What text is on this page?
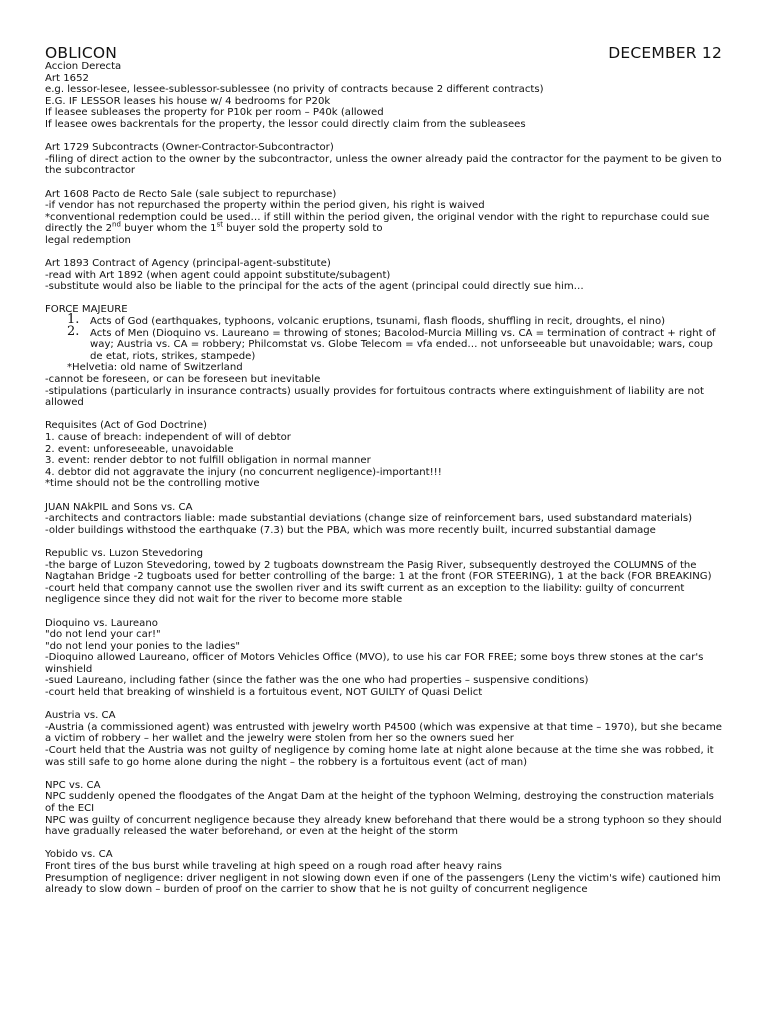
OBLICON	DECEMBER 12
Accion Derecta
Art 1652
e.g. lessor-lesee, lessee-sublessor-sublessee (no privity of contracts because 2 different contracts)
E.G. IF LESSOR leases his house w/ 4 bedrooms for P20k
If leasee subleases the property for P10k per room – P40k (allowed
If leasee owes backrentals for the property, the lessor could directly claim from the subleasees
Art 1729 Subcontracts (Owner-Contractor-Subcontractor)
-filing of direct action to the owner by the subcontractor, unless the owner already paid the contractor for the payment to be given to
the subcontractor
Art 1608 Pacto de Recto Sale (sale subject to repurchase)
-if vendor has not repurchased the property within the period given, his right is waived
*conventional redemption could be used… if still within the period given, the original vendor with the right to repurchase could sue
directly the 2nd buyer whom the 1st buyer sold the property sold to
legal redemption
Art 1893 Contract of Agency (principal-agent-substitute)
-read with Art 1892 (when agent could appoint substitute/subagent)
-substitute would also be liable to the principal for the acts of the agent (principal could directly sue him…
FORCE MAJEURE
1. Acts of God (earthquakes, typhoons, volcanic eruptions, tsunami, flash floods, shuffling in recit, droughts, el nino)
2. Acts of Men (Dioquino vs. Laureano = throwing of stones; Bacolod-Murcia Milling vs. CA = termination of contract + right of way; Austria vs. CA = robbery; Philcomstat vs. Globe Telecom = vfa ended… not unforseeable but unavoidable; wars, coup de etat, riots, strikes, stampede)
*Helvetia: old name of Switzerland
-cannot be foreseen, or can be foreseen but inevitable
-stipulations (particularly in insurance contracts) usually provides for fortuitous contracts where extinguishment of liability are not
allowed
Requisites (Act of God Doctrine)
1. cause of breach: independent of will of debtor
2. event: unforeseeable, unavoidable
3. event: render debtor to not fulfill obligation in normal manner
4. debtor did not aggravate the injury (no concurrent negligence)-important!!!
*time should not be the controlling motive
JUAN NAkPIL and Sons vs. CA
-architects and contractors liable: made substantial deviations (change size of reinforcement bars, used substandard materials)
-older buildings withstood the earthquake (7.3) but the PBA, which was more recently built, incurred substantial damage
Republic vs. Luzon Stevedoring
-the barge of Luzon Stevedoring, towed by 2 tugboats downstream the Pasig River, subsequently destroyed the COLUMNS of the
Nagtahan Bridge -2 tugboats used for better controlling of the barge: 1 at the front (FOR STEERING), 1 at the back (FOR BREAKING)
-court held that company cannot use the swollen river and its swift current as an exception to the liability: guilty of concurrent
negligence since they did not wait for the river to become more stable
Dioquino vs. Laureano
"do not lend your car!"
"do not lend your ponies to the ladies"
-Dioquino allowed Laureano, officer of Motors Vehicles Office (MVO), to use his car FOR FREE; some boys threw stones at the car's
winshield
-sued Laureano, including father (since the father was the one who had properties – suspensive conditions)
-court held that breaking of winshield is a fortuitous event, NOT GUILTY of Quasi Delict
Austria vs. CA
-Austria (a commissioned agent) was entrusted with jewelry worth P4500 (which was expensive at that time – 1970), but she became
a victim of robbery – her wallet and the jewelry were stolen from her so the owners sued her
-Court held that the Austria was not guilty of negligence by coming home late at night alone because at the time she was robbed, it
was still safe to go home alone during the night – the robbery is a fortuitous event (act of man)
NPC vs. CA
NPC suddenly opened the floodgates of the Angat Dam at the height of the typhoon Welming, destroying the construction materials
of the ECI
NPC was guilty of concurrent negligence because they already knew beforehand that there would be a strong typhoon so they should
have gradually released the water beforehand, or even at the height of the storm
Yobido vs. CA
Front tires of the bus burst while traveling at high speed on a rough road after heavy rains
Presumption of negligence: driver negligent in not slowing down even if one of the passengers (Leny the victim's wife) cautioned him
already to slow down – burden of proof on the carrier to show that he is not guilty of concurrent negligence
